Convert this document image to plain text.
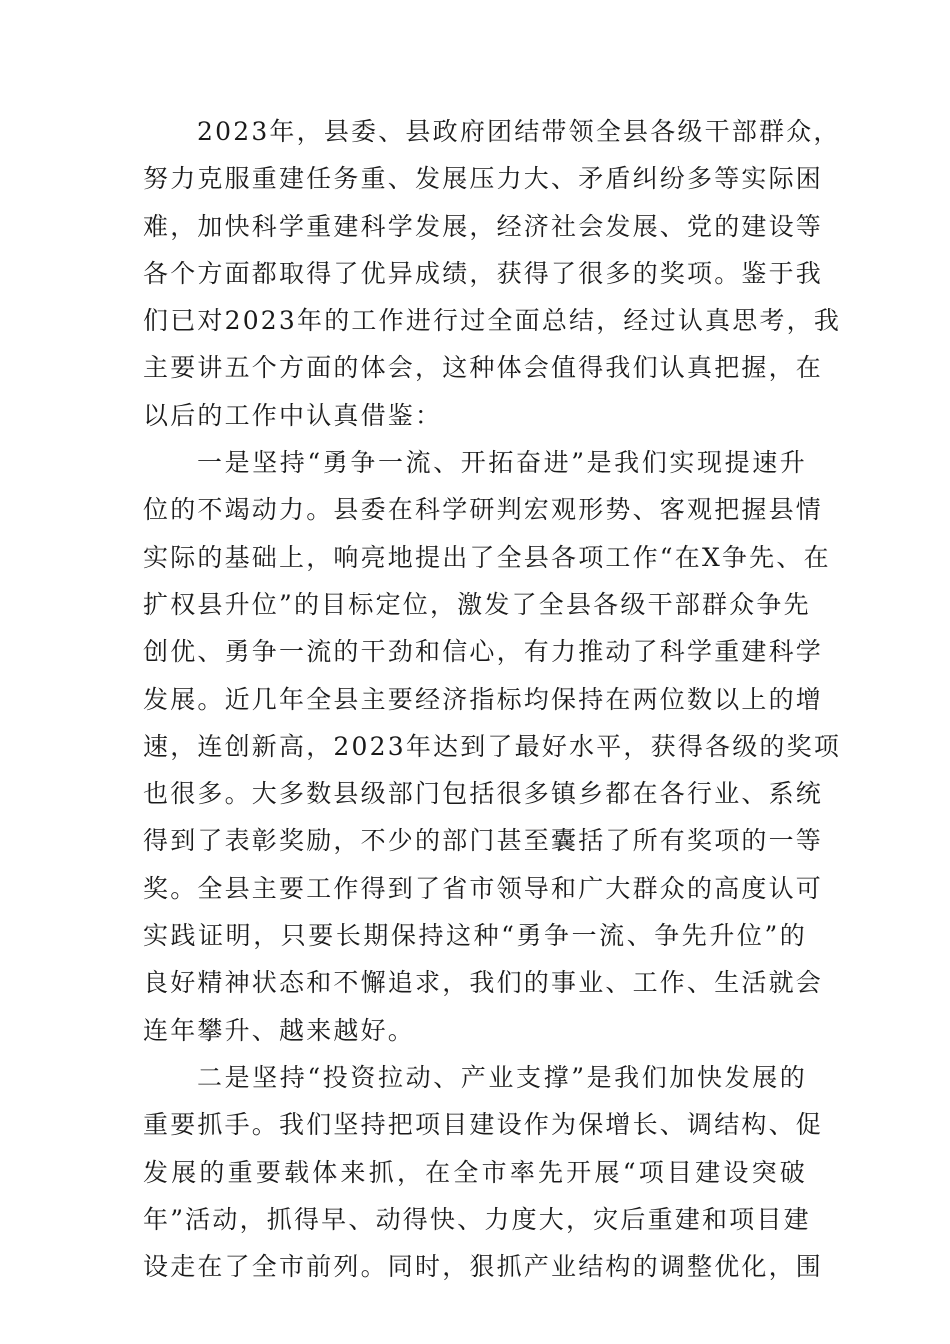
2023年，县委、县政府团结带领全县各级干部群众，
努力克服重建任务重、发展压力大、矛盾纠纷多等实际困
难，加快科学重建科学发展，经济社会发展、党的建设等
各个方面都取得了优异成绩，获得了很多的奖项。鉴于我
们已对2023年的工作进行过全面总结，经过认真思考，我
主要讲五个方面的体会，这种体会值得我们认真把握，在
以后的工作中认真借鉴：
一是坚持“勇争一流、开拓奋进”是我们实现提速升
位的不竭动力。县委在科学研判宏观形势、客观把握县情
实际的基础上，响亮地提出了全县各项工作“在X争先、在
扩权县升位”的目标定位，激发了全县各级干部群众争先
创优、勇争一流的干劲和信心，有力推动了科学重建科学
发展。近几年全县主要经济指标均保持在两位数以上的增
速，连创新高，2023年达到了最好水平，获得各级的奖项
也很多。大多数县级部门包括很多镇乡都在各行业、系统
得到了表彰奖励，不少的部门甚至囊括了所有奖项的一等
奖。全县主要工作得到了省市领导和广大群众的高度认可
实践证明，只要长期保持这种“勇争一流、争先升位”的
良好精神状态和不懈追求，我们的事业、工作、生活就会
连年攀升、越来越好。
二是坚持“投资拉动、产业支撑”是我们加快发展的
重要抓手。我们坚持把项目建设作为保增长、调结构、促
发展的重要载体来抓，在全市率先开展“项目建设突破
年”活动，抓得早、动得快、力度大，灾后重建和项目建
设走在了全市前列。同时，狠抓产业结构的调整优化，围
